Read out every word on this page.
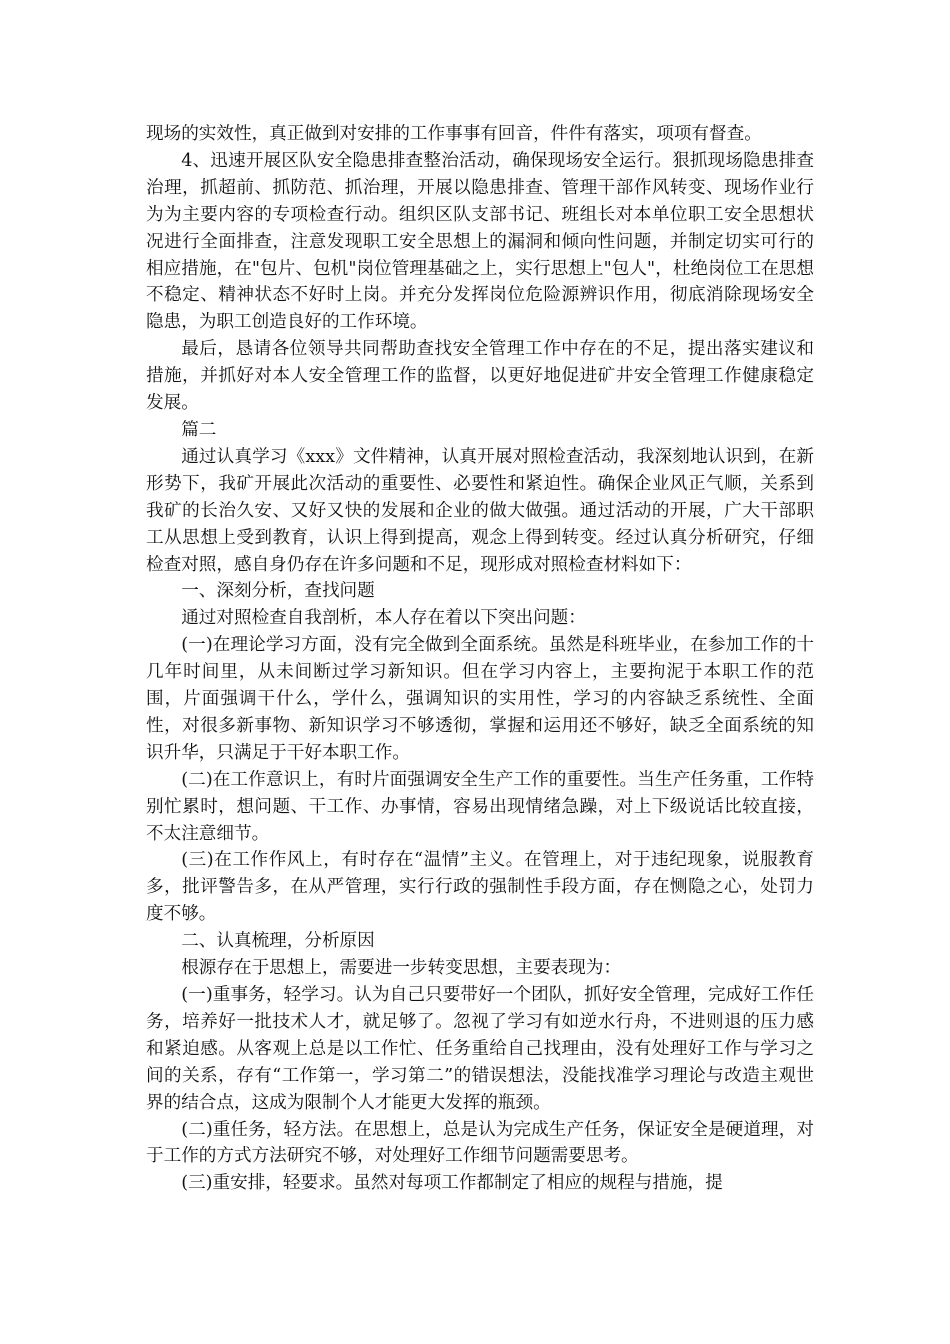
现场的实效性，真正做到对安排的工作事事有回音，件件有落实，项项有督查。

4、迅速开展区队安全隐患排查整治活动，确保现场安全运行。狠抓现场隐患排查治理，抓超前、抓防范、抓治理，开展以隐患排查、管理干部作风转变、现场作业行为为主要内容的专项检查行动。组织区队支部书记、班组长对本单位职工安全思想状况进行全面排查，注意发现职工安全思想上的漏洞和倾向性问题，并制定切实可行的相应措施，在"包片、包机"岗位管理基础之上，实行思想上"包人"，杜绝岗位工在思想不稳定、精神状态不好时上岗。并充分发挥岗位危险源辨识作用，彻底消除现场安全隐患，为职工创造良好的工作环境。

最后，恳请各位领导共同帮助查找安全管理工作中存在的不足，提出落实建议和措施，并抓好对本人安全管理工作的监督，以更好地促进矿井安全管理工作健康稳定发展。

篇二

通过认真学习《xxx》文件精神，认真开展对照检查活动，我深刻地认识到，在新形势下，我矿开展此次活动的重要性、必要性和紧迫性。确保企业风正气顺，关系到我矿的长治久安、又好又快的发展和企业的做大做强。通过活动的开展，广大干部职工从思想上受到教育，认识上得到提高，观念上得到转变。经过认真分析研究，仔细检查对照，感自身仍存在许多问题和不足，现形成对照检查材料如下：

一、深刻分析，查找问题

通过对照检查自我剖析，本人存在着以下突出问题：

(一)在理论学习方面，没有完全做到全面系统。虽然是科班毕业，在参加工作的十几年时间里，从未间断过学习新知识。但在学习内容上，主要拘泥于本职工作的范围，片面强调干什么，学什么，强调知识的实用性，学习的内容缺乏系统性、全面性，对很多新事物、新知识学习不够透彻，掌握和运用还不够好，缺乏全面系统的知识升华，只满足于干好本职工作。

(二)在工作意识上，有时片面强调安全生产工作的重要性。当生产任务重，工作特别忙累时，想问题、干工作、办事情，容易出现情绪急躁，对上下级说话比较直接，不太注意细节。

(三)在工作作风上，有时存在“温情”主义。在管理上，对于违纪现象，说服教育多，批评警告多，在从严管理，实行行政的强制性手段方面，存在恻隐之心，处罚力度不够。

二、认真梳理，分析原因

根源存在于思想上，需要进一步转变思想，主要表现为：

(一)重事务，轻学习。认为自己只要带好一个团队，抓好安全管理，完成好工作任务，培养好一批技术人才，就足够了。忽视了学习有如逆水行舟，不进则退的压力感和紧迫感。从客观上总是以工作忙、任务重给自己找理由，没有处理好工作与学习之间的关系，存有“工作第一，学习第二”的错误想法，没能找准学习理论与改造主观世界的结合点，这成为限制个人才能更大发挥的瓶颈。

(二)重任务，轻方法。在思想上，总是认为完成生产任务，保证安全是硬道理，对于工作的方式方法研究不够，对处理好工作细节问题需要思考。

(三)重安排，轻要求。虽然对每项工作都制定了相应的规程与措施，提
